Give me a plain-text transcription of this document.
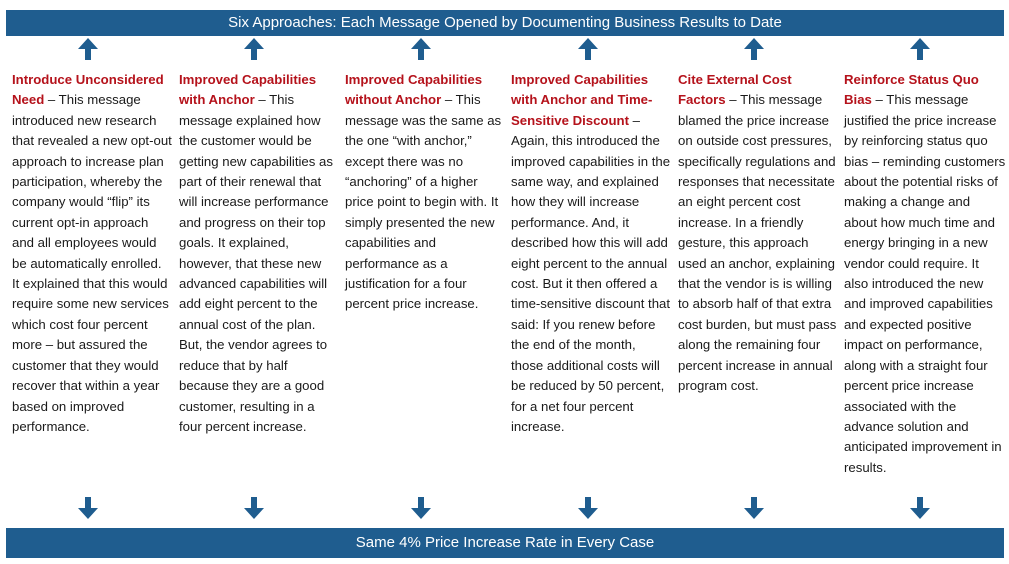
Six Approaches: Each Message Opened by Documenting Business Results to Date
Introduce Unconsidered Need – This message introduced new research that revealed a new opt-out approach to increase plan participation, whereby the company would “flip” its current opt-in approach and all employees would be automatically enrolled. It explained that this would require some new services which cost four percent more – but assured the customer that they would recover that within a year based on improved performance.
Improved Capabilities with Anchor – This message explained how the customer would be getting new capabilities as part of their renewal that will increase performance and progress on their top goals. It explained, however, that these new advanced capabilities will add eight percent to the annual cost of the plan. But, the vendor agrees to reduce that by half because they are a good customer, resulting in a four percent increase.
Improved Capabilities without Anchor – This message was the same as the one “with anchor,” except there was no “anchoring” of a higher price point to begin with. It simply presented the new capabilities and performance as a justification for a four percent price increase.
Improved Capabilities with Anchor and Time-Sensitive Discount – Again, this introduced the improved capabilities in the same way, and explained how they will increase performance. And, it described how this will add eight percent to the annual cost. But it then offered a time-sensitive discount that said: If you renew before the end of the month, those additional costs will be reduced by 50 percent, for a net four percent increase.
Cite External Cost Factors – This message blamed the price increase on outside cost pressures, specifically regulations and responses that necessitate an eight percent cost increase. In a friendly gesture, this approach used an anchor, explaining that the vendor is is willing to absorb half of that extra cost burden, but must pass along the remaining four percent increase in annual program cost.
Reinforce Status Quo Bias – This message justified the price increase by reinforcing status quo bias – reminding customers about the potential risks of making a change and about how much time and energy bringing in a new vendor could require. It also introduced the new and improved capabilities and expected positive impact on performance, along with a straight four percent price increase associated with the advance solution and anticipated improvement in results.
Same 4% Price Increase Rate in Every Case
